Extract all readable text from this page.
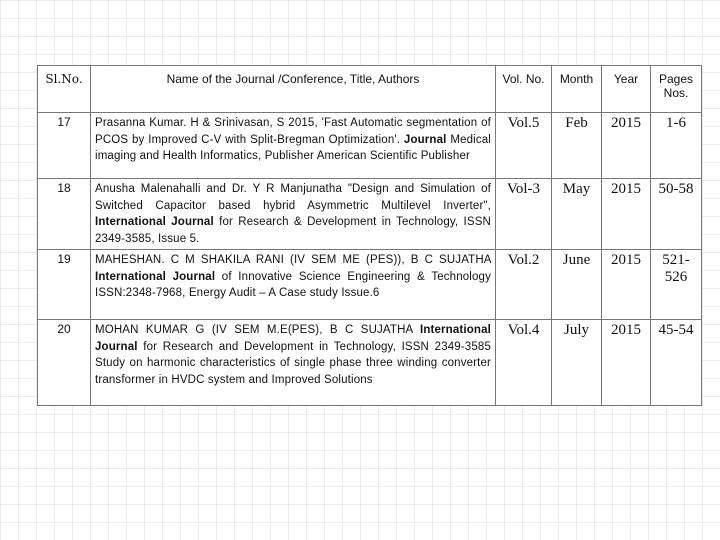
Sl.No.	Name of the Journal /Conference, Title, Authors	Vol. No.	Month	Year	Pages Nos.
17	Prasanna Kumar. H & Srinivasan, S 2015, 'Fast Automatic segmentation of PCOS by Improved C-V with Split-Bregman Optimization'. Journal Medical imaging and Health Informatics, Publisher American Scientific Publisher	Vol.5	Feb	2015	1-6
18	Anusha Malenahalli and Dr. Y R Manjunatha "Design and Simulation of Switched Capacitor based hybrid Asymmetric Multilevel Inverter", International Journal for Research & Development in Technology, ISSN 2349-3585, Issue 5.	Vol-3	May	2015	50-58
19	MAHESHAN. C M SHAKILA RANI (IV SEM ME (PES)), B C SUJATHA International Journal of Innovative Science Engineering & Technology ISSN:2348-7968, Energy Audit – A Case study Issue.6	Vol.2	June	2015	521-526
20	MOHAN KUMAR G (IV SEM M.E(PES), B C SUJATHA International Journal for Research and Development in Technology, ISSN 2349-3585 Study on harmonic characteristics of single phase three winding converter transformer in HVDC system and Improved Solutions	Vol.4	July	2015	45-54
